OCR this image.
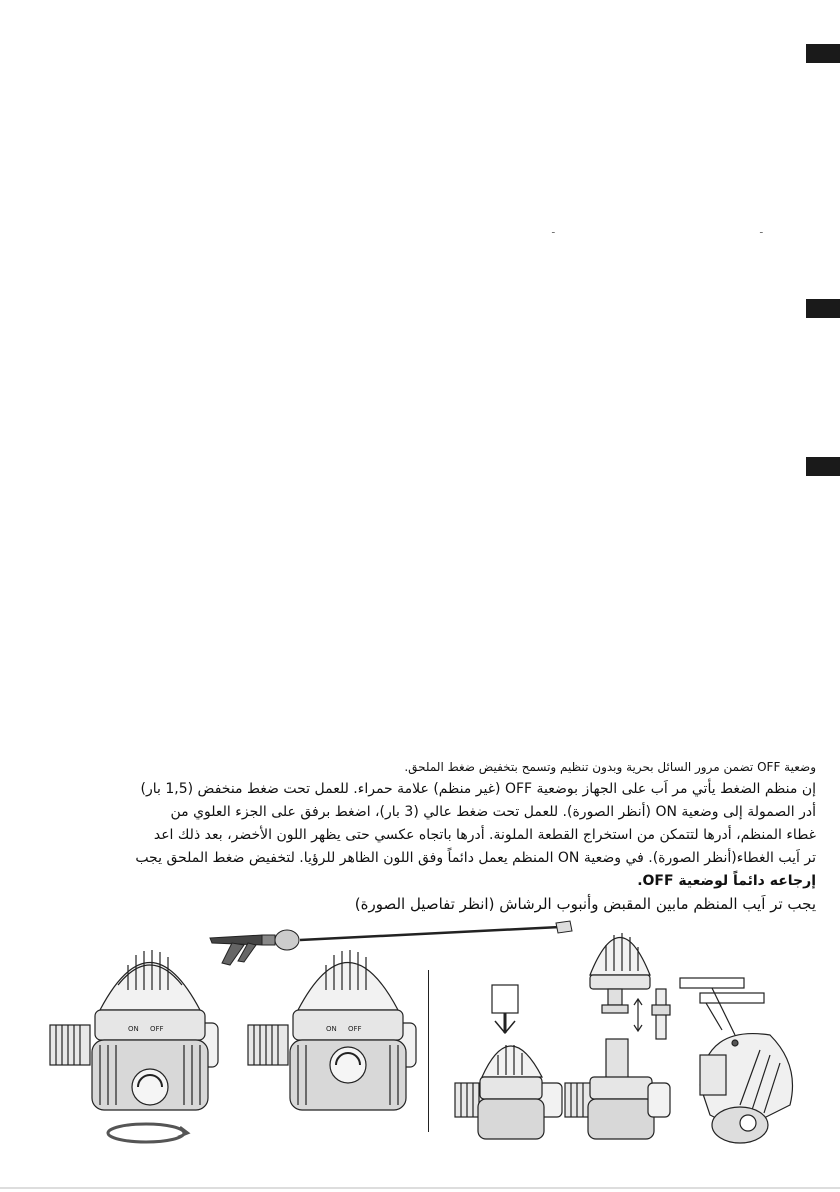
ـ	ـ
وضعية OFF تضمن مرور السائل بحرية وبدون تنظيم وتسمح بتخفيض ضغط الملحق.
إن منظم الضغط يأتي مر اَب على الجهاز بوضعية OFF (غير منظم) علامة حمراء. للعمل تحت ضغط منخفض (1,5 بار)
أدر الصمولة إلى وضعية ON (أنظر الصورة). للعمل تحت ضغط عالي (3 بار)، اضغط برفق على الجزء العلوي من
غطاء المنظم، أدرها لتتمكن من استخراج القطعة الملونة. أدرها باتجاه عكسي حتى يظهر اللون الأخضر، بعد ذلك اعد
تر اَيب الغطاء(أنظر الصورة). في وضعية ON المنظم يعمل دائماً وفق اللون الظاهر للرؤيا. لتخفيض ضغط الملحق يجب
إرجاعه دائماً لوضعية OFF.
يجب تر اَيب المنظم مابين المقبض وأنبوب الرشاش (انظر تفاصيل الصورة)
ON OFF	ON OFF
